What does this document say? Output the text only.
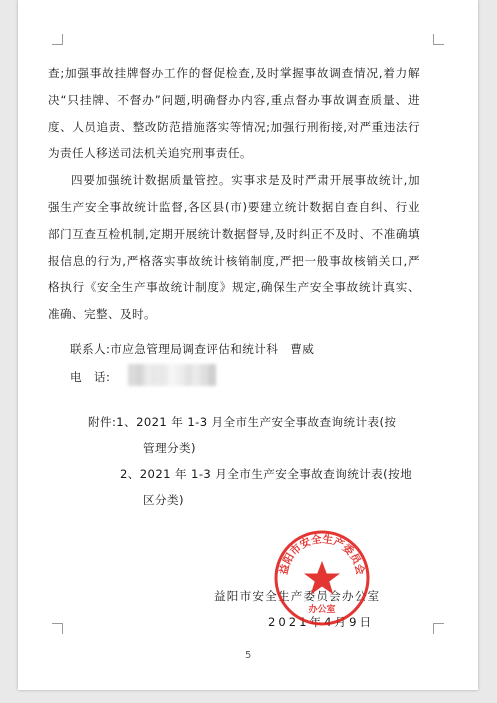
查;加强事故挂牌督办工作的督促检查,及时掌握事故调查情况,着力解决“只挂牌、不督办”问题,明确督办内容,重点督办事故调查质量、进度、人员追责、整改防范措施落实等情况;加强行刑衔接,对严重违法行为责任人移送司法机关追究刑事责任。

四要加强统计数据质量管控。实事求是及时严肃开展事故统计,加强生产安全事故统计监督,各区县(市)要建立统计数据自查自纠、行业部门互查互检机制,定期开展统计数据督导,及时纠正不及时、不准确填报信息的行为,严格落实事故统计核销制度,严把一般事故核销关口,严格执行《安全生产事故统计制度》规定,确保生产安全事故统计真实、准确、完整、及时。

联系人:市应急管理局调查评估和统计科　曹威
电　话:
附件:1、2021 年 1-3 月全市生产安全事故查询统计表(按
管理分类)
2、2021 年 1-3 月全市生产安全事故查询统计表(按地
区分类)
益阳市安全生产委员会办公室
2021年4月9日
益阳市安全生产委员会
办公室
5
